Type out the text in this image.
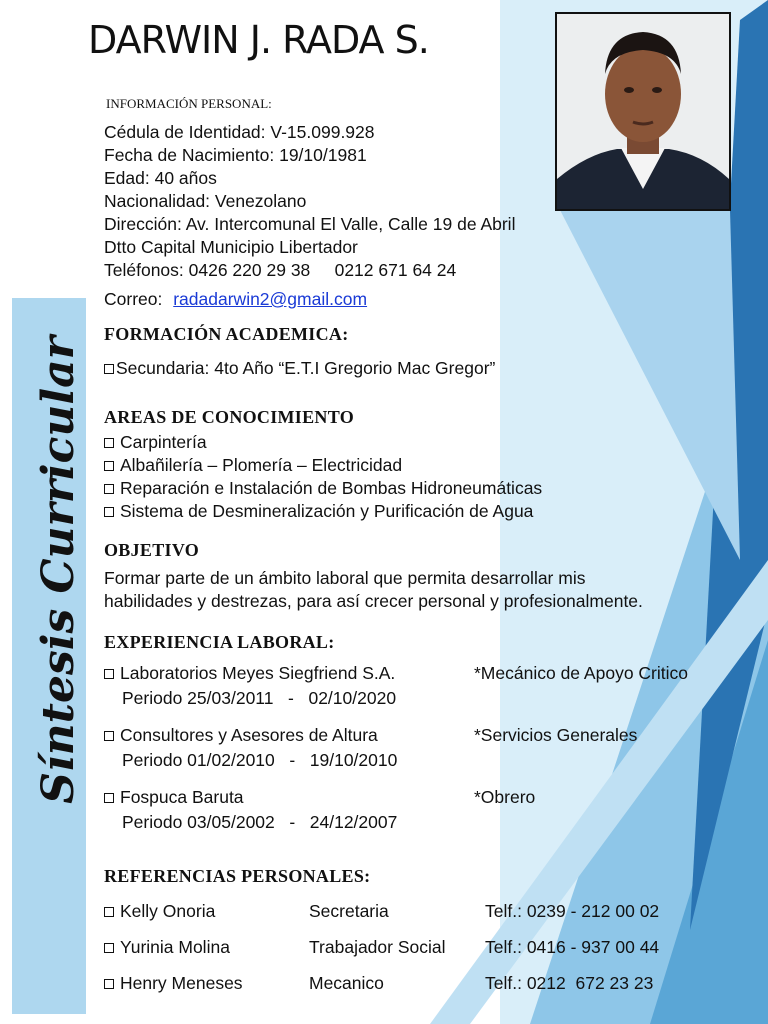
DARWIN J. RADA S.
Síntesis Curricular
INFORMACIÓN PERSONAL:
Cédula de Identidad: V-15.099.928
Fecha de Nacimiento: 19/10/1981
Edad: 40 años
Nacionalidad: Venezolano
Dirección: Av. Intercomunal El Valle, Calle 19 de Abril
Dtto Capital Municipio Libertador
Teléfonos: 0426 220 29 38     0212 671 64 24
Correo: radadarwin2@gmail.com
FORMACIÓN ACADEMICA:
Secundaria: 4to Año “E.T.I Gregorio Mac Gregor”
AREAS DE CONOCIMIENTO
Carpintería
Albañilería – Plomería – Electricidad
Reparación e Instalación de Bombas Hidroneumáticas
Sistema de Desmineralización y Purificación de Agua
OBJETIVO
Formar parte de un ámbito laboral que permita desarrollar mis
habilidades y destrezas, para así crecer personal y profesionalmente.
EXPERIENCIA LABORAL:
Laboratorios Meyes Siegfriend S.A.	*Mecánico de Apoyo Critico
Periodo 25/03/2011   -   02/10/2020
Consultores y Asesores de Altura	*Servicios Generales
Periodo 01/02/2010   -   19/10/2010
Fospuca Baruta	*Obrero
Periodo 03/05/2002   -   24/12/2007
REFERENCIAS PERSONALES:
Kelly Onoria	Secretaria	Telf.: 0239 - 212 00 02
Yurinia Molina	Trabajador Social	Telf.: 0416 - 937 00 44
Henry Meneses	Mecanico	Telf.: 0212  672 23 23
